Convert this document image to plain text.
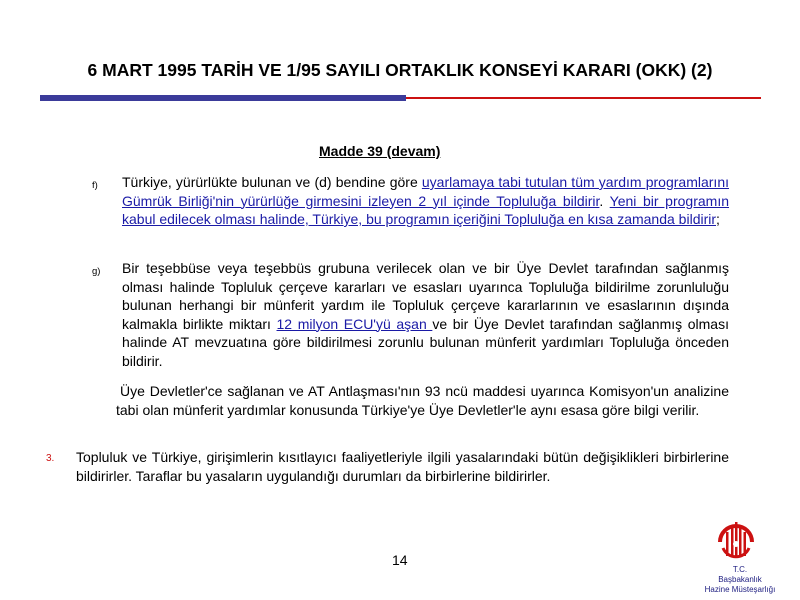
6 MART 1995 TARİH VE 1/95 SAYILI ORTAKLIK KONSEYİ KARARI (OKK) (2)
Madde 39 (devam)
f) Türkiye, yürürlükte bulunan ve (d) bendine göre uyarlamaya tabi tutulan tüm yardım programlarını Gümrük Birliği'nin yürürlüğe girmesini izleyen 2 yıl içinde Topluluğa bildirir. Yeni bir programın kabul edilecek olması halinde, Türkiye, bu programın içeriğini Topluluğa en kısa zamanda bildirir;
g) Bir teşebbüse veya teşebbüs grubuna verilecek olan ve bir Üye Devlet tarafından sağlanmış olması halinde Topluluk çerçeve kararları ve esasları uyarınca Topluluğa bildirilme zorunluluğu bulunan herhangi bir münferit yardım ile Topluluk çerçeve kararlarının ve esaslarının dışında kalmakla birlikte miktarı 12 milyon ECU'yü aşan ve bir Üye Devlet tarafından sağlanmış olması halinde AT mevzuatına göre bildirilmesi zorunlu bulunan münferit yardımları Topluluğa önceden bildirir.
Üye Devletler'ce sağlanan ve AT Antlaşması'nın 93 ncü maddesi uyarınca Komisyon'un analizine tabi olan münferit yardımlar konusunda Türkiye'ye Üye Devletler'le aynı esasa göre bilgi verilir.
3. Topluluk ve Türkiye, girişimlerin kısıtlayıcı faaliyetleriyle ilgili yasalarındaki bütün değişiklikleri birbirlerine bildirirler. Taraflar bu yasaların uygulandığı durumları da birbirlerine bildirirler.
14
T.C.
Başbakanlık
Hazine Müsteşarlığı
